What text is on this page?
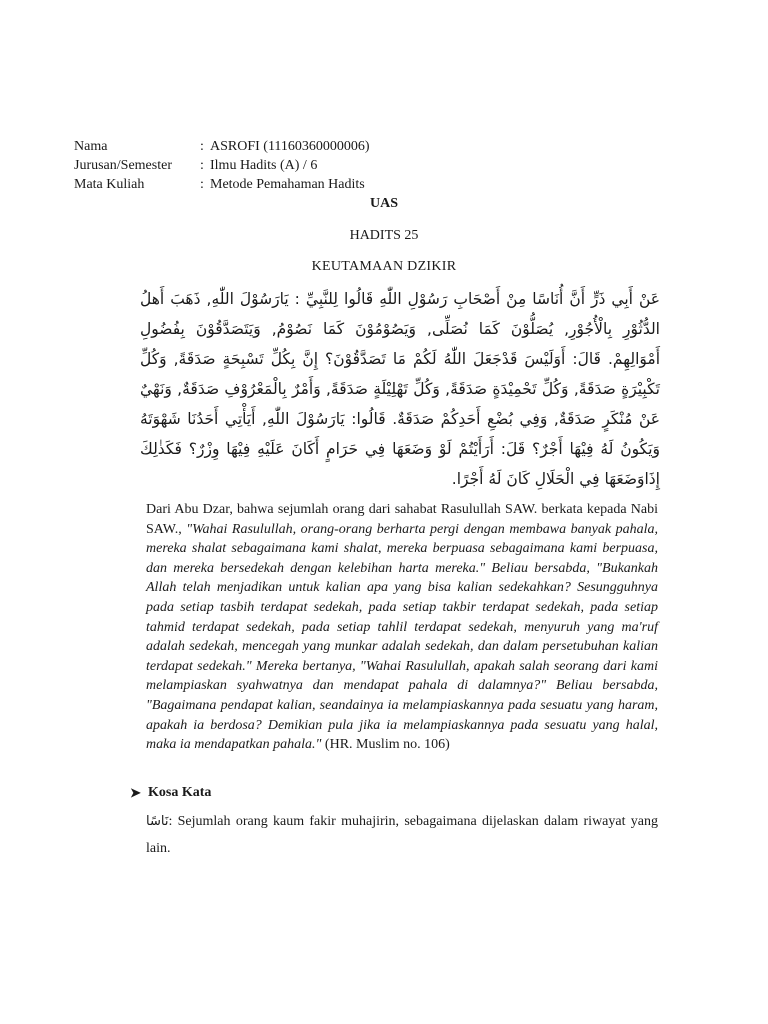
Nama	: ASROFI (11160360000006)
Jurusan/Semester	: Ilmu Hadits (A) / 6
Mata Kuliah	: Metode Pemahaman Hadits
UAS
HADITS 25
KEUTAMAAN DZIKIR
عَنْ أَبِي ذَرٍّ أَنَّ أُنَاسًا مِنْ أَصْحَابِ رَسُوْلِ اللّٰهِ قَالُوا لِلنَّبِيِّ : يَارَسُوْلَ اللّٰهِ, ذَهَبَ أَهلُ الدُّثُوْرِ بِالْأُجُوْرِ, يُصَلُّوْنَ كَمَا نُصَلِّى, وَيَصُوْمُوْنَ كَمَا نَصُوْمُ, وَيَتَصَدَّقُوْنَ بِفُضُولِ أَمْوَالِهِمْ. قَالَ: أَوَلَيْسَ قَدْجَعَلَ اللّٰهُ لَكُمْ مَا تَصَدَّقُوْنَ؟ إِنَّ بِكُلِّ تَسْبِحَةٍ صَدَقَةً, وَكُلِّ تَكْبِيْرَةٍ صَدَقَةً, وَكُلِّ تَحْمِيْدَةٍ صَدَقَةً, وَكُلِّ تَهْلِيْلَةٍ صَدَقَةً, وَأَمْرٌ بِالْمَعْرُوْفِ صَدَقَةٌ, وَنَهْيٌ عَنْ مُنْكَرٍ صَدَقَةٌ, وَفِي بُضْعِ أَحَدِكُمْ صَدَقَةٌ. قَالُوا: يَارَسُوْلَ اللّٰهِ, أَيَأْتِي أَحَدُنَا شَهْوَتَهُ وَيَكُونُ لَهُ فِيْهَا أَجْرٌ؟ قَلَ: أَرَأَيْتُمْ لَوْ وَضَعَهَا فِي حَرَامٍ أَكَانَ عَلَيْهِ فِيْهَا وِزْرٌ؟ فَكَذٰلِكَ إِذَاوَضَعَهَا فِي الْحَلَالِ كَانَ لَهُ أَجْرًا.
Dari Abu Dzar, bahwa sejumlah orang dari sahabat Rasulullah SAW. berkata kepada Nabi SAW., "Wahai Rasulullah, orang-orang berharta pergi dengan membawa banyak pahala, mereka shalat sebagaimana kami shalat, mereka berpuasa sebagaimana kami berpuasa, dan mereka bersedekah dengan kelebihan harta mereka." Beliau bersabda, "Bukankah Allah telah menjadikan untuk kalian apa yang bisa kalian sedekahkan? Sesungguhnya pada setiap tasbih terdapat sedekah, pada setiap takbir terdapat sedekah, pada setiap tahmid terdapat sedekah, pada setiap tahlil terdapat sedekah, menyuruh yang ma'ruf adalah sedekah, mencegah yang munkar adalah sedekah, dan dalam persetubuhan kalian terdapat sedekah." Mereka bertanya, "Wahai Rasulullah, apakah salah seorang dari kami melampiaskan syahwatnya dan mendapat pahala di dalamnya?" Beliau bersabda, "Bagaimana pendapat kalian, seandainya ia melampiaskannya pada sesuatu yang haram, apakah ia berdosa? Demikian pula jika ia melampiaskannya pada sesuatu yang halal, maka ia mendapatkan pahala." (HR. Muslim no. 106)
➤ Kosa Kata
نَاسًا: Sejumlah orang kaum fakir muhajirin, sebagaimana dijelaskan dalam riwayat yang lain.
